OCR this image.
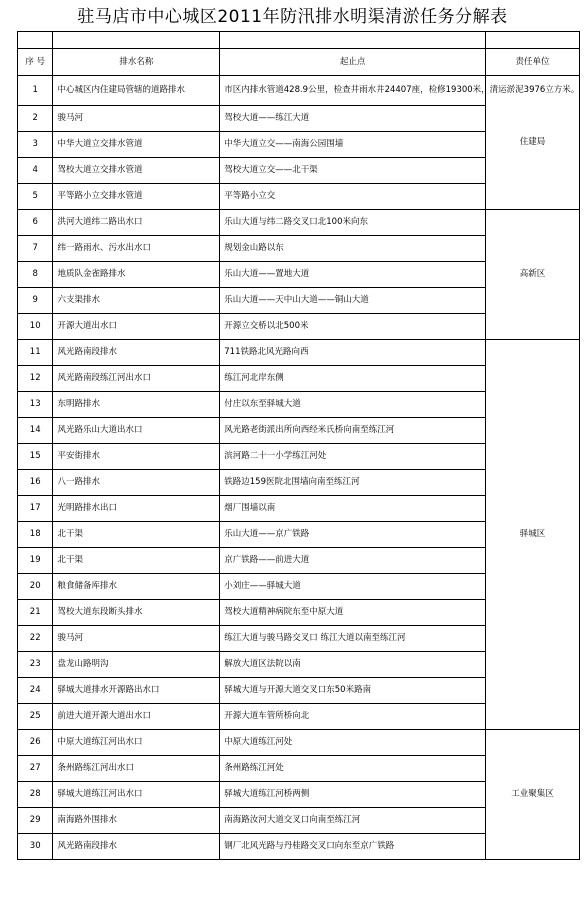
驻马店市中心城区2011年防汛排水明渠清淤任务分解表

序 号	排水名称	起止点	责任单位
1	中心城区内住建局管辖的道路排水	市区内排水管道428.9公里，检查井雨水井24407座，检修19300米，清运淤泥3976立方米。	住建局
2	骏马河	驾校大道——练江大道	
3	中华大道立交排水管道	中华大道立交——南海公园围墙	
4	驾校大道立交排水管道	驾校大道立交——北干渠	
5	平等路小立交排水管道	平等路小立交	
6	洪河大道纬二路出水口	乐山大道与纬二路交叉口北100米向东	高新区
7	纬一路雨水、污水出水口	规划金山路以东	
8	地质队金雀路排水	乐山大道——置地大道	
9	六支渠排水	乐山大道——天中山大道——铜山大道	
10	开源大道出水口	开源立交桥以北500米	
11	风光路南段排水	711铁路北风光路向西	驿城区
12	风光路南段练江河出水口	练江河北岸东侧	
13	东明路排水	付庄以东至驿城大道	
14	风光路乐山大道出水口	风光路老街派出所向西经米氏桥向南至练江河	
15	平安街排水	滨河路二十一小学练江河处	
16	八一路排水	铁路边159医院北围墙向南至练江河	
17	光明路排水出口	烟厂围墙以南	
18	北干渠	乐山大道——京广铁路	
19	北干渠	京广铁路——前进大道	
20	粮食储备库排水	小刘庄——驿城大道	
21	驾校大道东段断头排水	驾校大道精神病院东至中原大道	
22	骏马河	练江大道与骏马路交叉口 练江大道以南至练江河	
23	盘龙山路明沟	解放大道区法院以南	
24	驿城大道排水开源路出水口	驿城大道与开源大道交叉口东50米路南	
25	前进大道开源大道出水口	开源大道车管所桥向北	
26	中原大道练江河出水口	中原大道练江河处	工业聚集区
27	条州路练江河出水口	条州路练江河处	
28	驿城大道练江河出水口	驿城大道练江河桥两侧	
29	南海路外围排水	南海路汝河大道交叉口向南至练江河	
30	风光路南段排水	钢厂北风光路与丹桂路交叉口向东至京广铁路	
